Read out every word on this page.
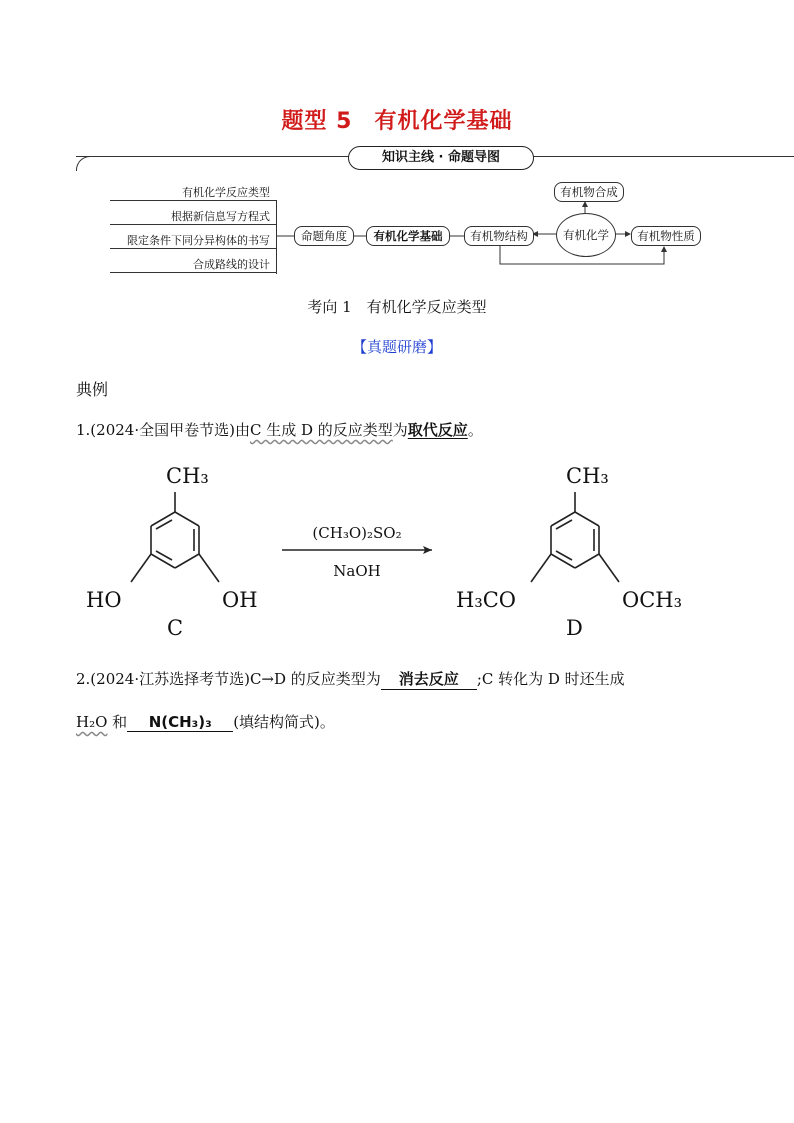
题型 5 有机化学基础
知识主线 · 命题导图
有机化学反应类型
根据新信息写方程式
限定条件下同分异构体的书写
合成路线的设计
命题角度	有机化学基础	有机物结构	有机化学
有机物合成
有机物性质
考向 1　有机化学反应类型
【真题研磨】
典例
1.(2024·全国甲卷节选)由C 生成 D 的反应类型为取代反应。
CH₃
HO	OH
C
(CH₃O)₂SO₂
NaOH
CH₃
H₃CO	OCH₃
D
2.(2024·江苏选择考节选)C→D 的反应类型为 消去反应 ;C 转化为 D 时还生成
H₂O 和 N(CH₃)₃ (填结构简式)。
